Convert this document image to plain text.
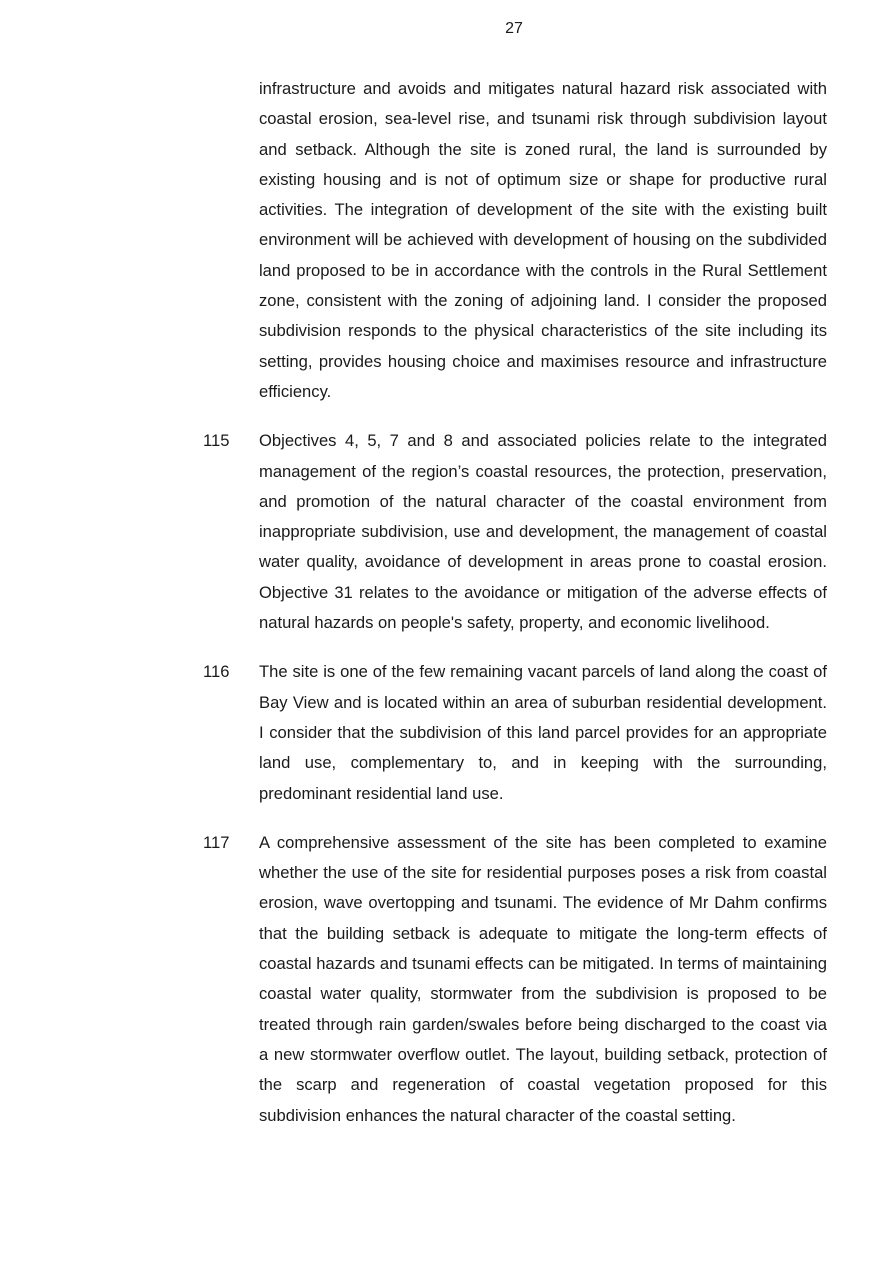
27
infrastructure and avoids and mitigates natural hazard risk associated with coastal erosion, sea-level rise, and tsunami risk through subdivision layout and setback. Although the site is zoned rural, the land is surrounded by existing housing and is not of optimum size or shape for productive rural activities. The integration of development of the site with the existing built environment will be achieved with development of housing on the subdivided land proposed to be in accordance with the controls in the Rural Settlement zone, consistent with the zoning of adjoining land. I consider the proposed subdivision responds to the physical characteristics of the site including its setting, provides housing choice and maximises resource and infrastructure efficiency.
115	Objectives 4, 5, 7 and 8 and associated policies relate to the integrated management of the region’s coastal resources, the protection, preservation, and promotion of the natural character of the coastal environment from inappropriate subdivision, use and development, the management of coastal water quality, avoidance of development in areas prone to coastal erosion. Objective 31 relates to the avoidance or mitigation of the adverse effects of natural hazards on people's safety, property, and economic livelihood.
116	The site is one of the few remaining vacant parcels of land along the coast of Bay View and is located within an area of suburban residential development. I consider that the subdivision of this land parcel provides for an appropriate land use, complementary to, and in keeping with the surrounding, predominant residential land use.
117	A comprehensive assessment of the site has been completed to examine whether the use of the site for residential purposes poses a risk from coastal erosion, wave overtopping and tsunami. The evidence of Mr Dahm confirms that the building setback is adequate to mitigate the long-term effects of coastal hazards and tsunami effects can be mitigated. In terms of maintaining coastal water quality, stormwater from the subdivision is proposed to be treated through rain garden/swales before being discharged to the coast via a new stormwater overflow outlet. The layout, building setback, protection of the scarp and regeneration of coastal vegetation proposed for this subdivision enhances the natural character of the coastal setting.
